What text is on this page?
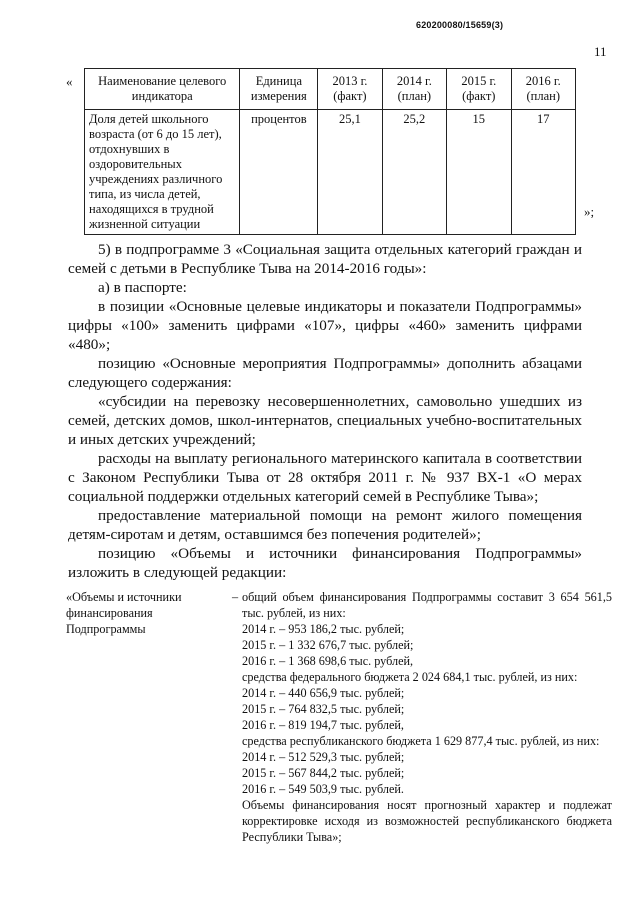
620200080/15659(3)
11
« Наименование целевого индикатора	Единица измерения	2013 г. (факт)	2014 г. (план)	2015 г. (факт)	2016 г. (план)
Доля детей школьного возраста (от 6 до 15 лет), отдохнувших в оздоровительных учреждениях различного типа, из числа детей, находящихся в трудной жизненной ситуации	процентов	25,1	25,2	15	17
»;

5) в подпрограмме 3 «Социальная защита отдельных категорий граждан и семей с детьми в Республике Тыва на 2014-2016 годы»:

а) в паспорте:

в позиции «Основные целевые индикаторы и показатели Подпрограммы» цифры «100» заменить цифрами «107», цифры «460» заменить цифрами «480»;

позицию «Основные мероприятия Подпрограммы» дополнить абзацами следующего содержания:

«субсидии на перевозку несовершеннолетних, самовольно ушедших из семей, детских домов, школ-интернатов, специальных учебно-воспитательных и иных детских учреждений;

расходы на выплату регионального материнского капитала в соответствии с Законом Республики Тыва от 28 октября 2011 г. № 937 ВХ-1 «О мерах социальной поддержки отдельных категорий семей в Республике Тыва»;

предоставление материальной помощи на ремонт жилого помещения детям-сиротам и детям, оставшимся без попечения родителей»;

позицию «Объемы и источники финансирования Подпрограммы» изложить в следующей редакции:

«Объемы и источники финансирования Подпрограммы
– общий объем финансирования Подпрограммы составит 3 654 561,5 тыс. рублей, из них:
2014 г. – 953 186,2 тыс. рублей;
2015 г. – 1 332 676,7 тыс. рублей;
2016 г. – 1 368 698,6 тыс. рублей,
средства федерального бюджета 2 024 684,1 тыс. рублей, из них:
2014 г. – 440 656,9 тыс. рублей;
2015 г. – 764 832,5 тыс. рублей;
2016 г. – 819 194,7 тыс. рублей,
средства республиканского бюджета 1 629 877,4 тыс. рублей, из них:
2014 г. – 512 529,3 тыс. рублей;
2015 г. – 567 844,2 тыс. рублей;
2016 г. – 549 503,9 тыс. рублей.
Объемы финансирования носят прогнозный характер и подлежат корректировке исходя из возможностей республиканского бюджета Республики Тыва»;
